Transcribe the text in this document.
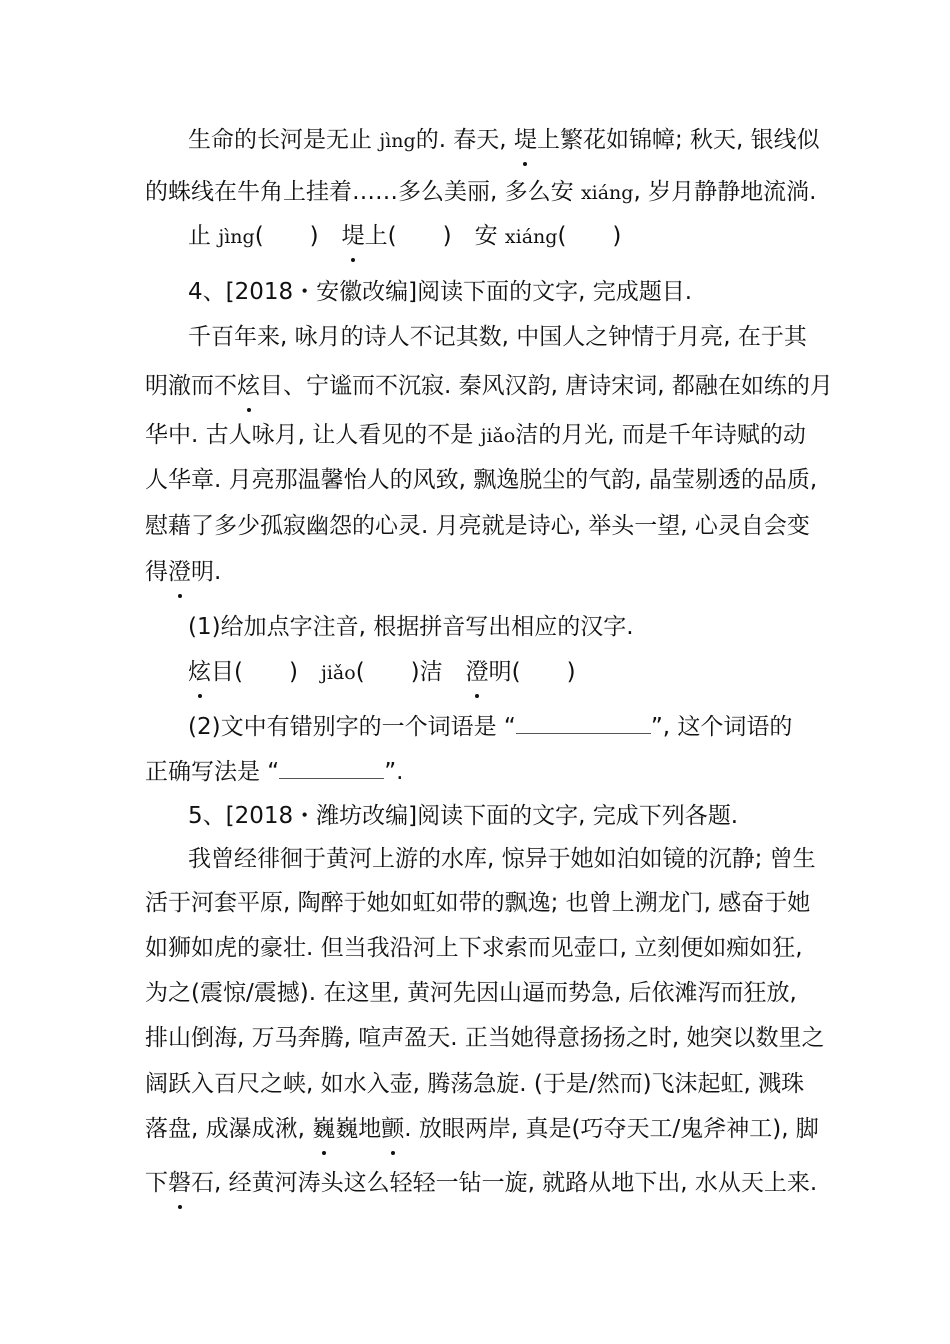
生命的长河是无止 jìng的. 春天, 堤上繁花如锦幛; 秋天, 银线似
的蛛线在牛角上挂着……多么美丽, 多么安 xiáng, 岁月静静地流淌.
止 jìng(　　)　堤上(　　)　安 xiáng(　　)
4、[2018・安徽改编]阅读下面的文字, 完成题目.
千百年来, 咏月的诗人不记其数, 中国人之钟情于月亮, 在于其
明澈而不炫目、宁谧而不沉寂. 秦风汉韵, 唐诗宋词, 都融在如练的月
华中. 古人咏月, 让人看见的不是 jiǎo洁的月光, 而是千年诗赋的动
人华章. 月亮那温馨怡人的风致, 飘逸脱尘的气韵, 晶莹剔透的品质,
慰藉了多少孤寂幽怨的心灵. 月亮就是诗心, 举头一望, 心灵自会变
得澄明.
(1)给加点字注音, 根据拼音写出相应的汉字.
炫目(　　)　jiǎo(　　)洁　澄明(　　)
(2)文中有错别字的一个词语是 “	”, 这个词语的
正确写法是 “	”.
5、[2018・潍坊改编]阅读下面的文字, 完成下列各题.
我曾经徘徊于黄河上游的水库, 惊异于她如泊如镜的沉静; 曾生
活于河套平原, 陶醉于她如虹如带的飘逸; 也曾上溯龙门, 感奋于她
如狮如虎的豪壮. 但当我沿河上下求索而见壶口, 立刻便如痴如狂,
为之(震惊/震撼). 在这里, 黄河先因山逼而势急, 后依滩泻而狂放,
排山倒海, 万马奔腾, 喧声盈天. 正当她得意扬扬之时, 她突以数里之
阔跃入百尺之峡, 如水入壶, 腾荡急旋. (于是/然而)飞沫起虹, 溅珠
落盘, 成瀑成湫, 巍巍地颤. 放眼两岸, 真是(巧夺天工/鬼斧神工), 脚
下磐石, 经黄河涛头这么轻轻一钻一旋, 就路从地下出, 水从天上来.
